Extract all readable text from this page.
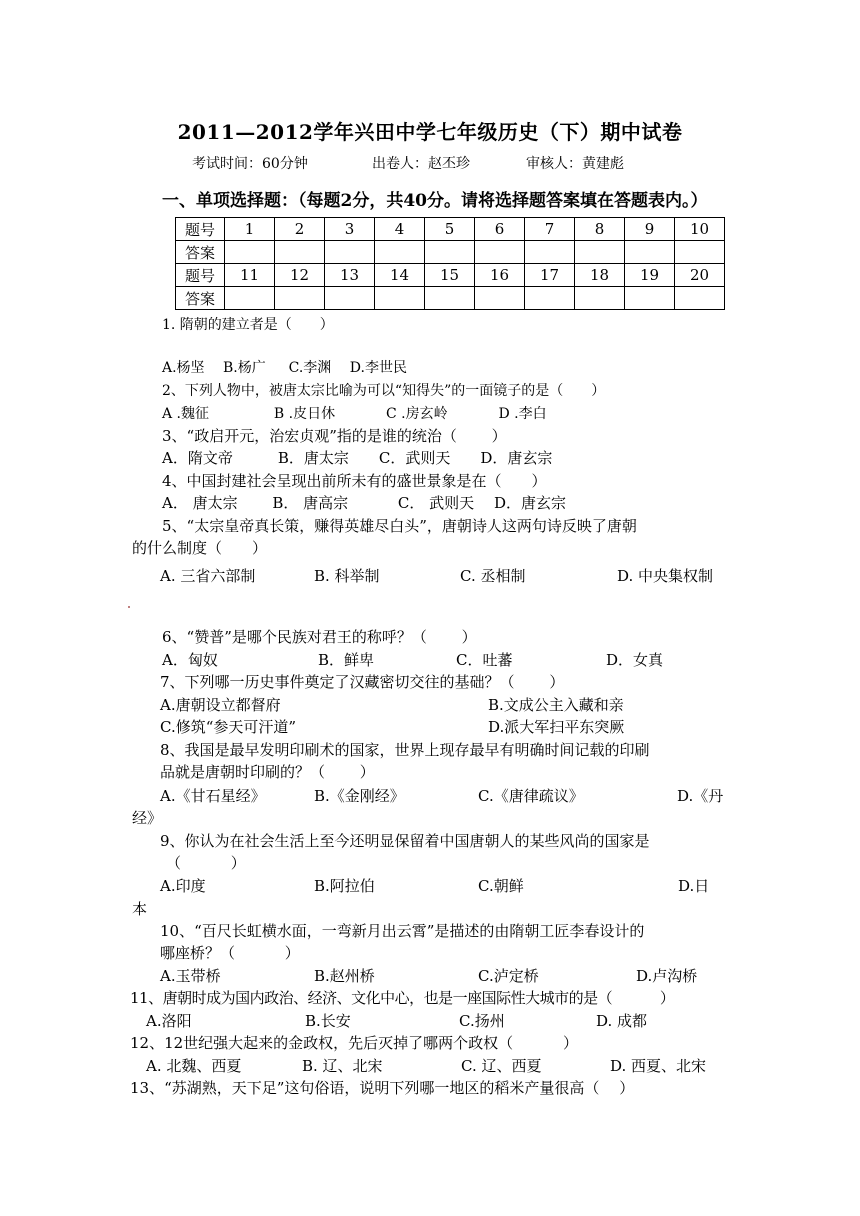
2011—2012学年兴田中学七年级历史（下）期中试卷
考试时间：60分钟	出卷人：赵丕珍	审核人：黄建彪
一、单项选择题：（每题2分，共40分。请将选择题答案填在答题表内。）
题号	1	2	3	4	5	6	7	8	9	10
答案										
题号	11	12	13	14	15	16	17	18	19	20
答案										
1. 隋朝的建立者是（　　）
A.杨坚　 B.杨广　  C.李渊　 D.李世民
2、下列人物中，被唐太宗比喻为可以“知得失”的一面镜子的是（　　）
A .魏征　　　　  B .皮日休　　　  C .房玄岭　　　  D .李白
3、“政启开元，治宏贞观”指的是谁的统治（　　 ）
A．隋文帝　　　B．唐太宗　　C．武则天　　D．唐玄宗
4、中国封建社会呈现出前所未有的盛世景象是在（　　）
A． 唐太宗　　 B． 唐高宗　　　 C． 武则天　 D．唐玄宗
5、“太宗皇帝真长策，赚得英雄尽白头”，唐朝诗人这两句诗反映了唐朝
的什么制度（　　）
A. 三省六部制	B. 科举制	C. 丞相制	D. 中央集权制
6、“赞普”是哪个民族对君王的称呼？（　　 ）
A．匈奴	B．鲜卑	C．吐蕃	D．女真
7、下列哪一历史事件奠定了汉藏密切交往的基础？（　　 ）
A.唐朝设立都督府	B.文成公主入藏和亲
C.修筑“参天可汗道”	D.派大军扫平东突厥
8、我国是最早发明印刷术的国家，世界上现存最早有明确时间记载的印刷
品就是唐朝时印刷的？（　　 ）
A.《甘石星经》	B.《金刚经》	C.《唐律疏议》	D.《丹
经》
9、你认为在社会生活上至今还明显保留着中国唐朝人的某些风尚的国家是
（　　　 ）
A.印度	B.阿拉伯	C.朝鲜	D.日
本
10、“百尺长虹横水面，一弯新月出云霄”是描述的由隋朝工匠李春设计的
哪座桥？（　　　 ）
A.玉带桥	B.赵州桥	C.泸定桥	D.卢沟桥
11、唐朝时成为国内政治、经济、文化中心，也是一座国际性大城市的是（　　　 ）
A.洛阳	B.长安	C.扬州	D. 成都
12、12世纪强大起来的金政权，先后灭掉了哪两个政权（　　　 ）
A. 北魏、西夏	B. 辽、北宋	C. 辽、西夏	D. 西夏、北宋
13、“苏湖熟，天下足”这句俗语，说明下列哪一地区的稻米产量很高（　 ）
